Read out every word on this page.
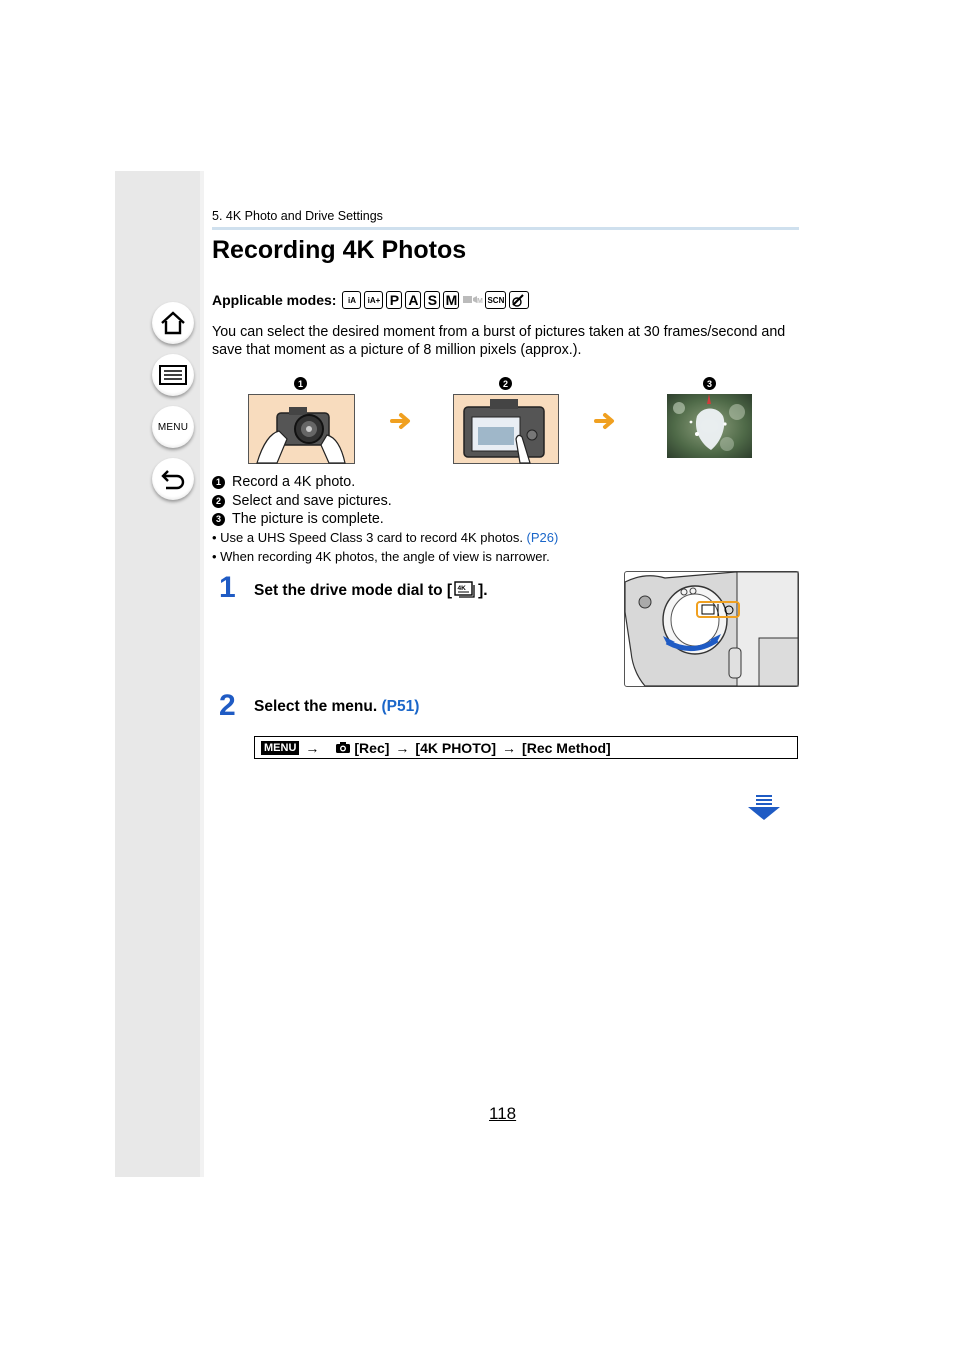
MENU
5. 4K Photo and Drive Settings
Recording 4K Photos
Applicable modes:	iA	iA+ P A S M	M SCN

You can select the desired moment from a burst of pictures taken at 30 frames/second and save that moment as a picture of 8 million pixels (approx.).

1	2	3
1 Record a 4K photo.
2 Select and save pictures.
3 The picture is complete.
• Use a UHS Speed Class 3 card to record 4K photos. (P26)
• When recording 4K photos, the angle of view is narrower.
1 Set the drive mode dial to [ 4K ].
2 Select the menu. (P51)
MENU →	[Rec] → [4K PHOTO] → [Rec Method]
118
